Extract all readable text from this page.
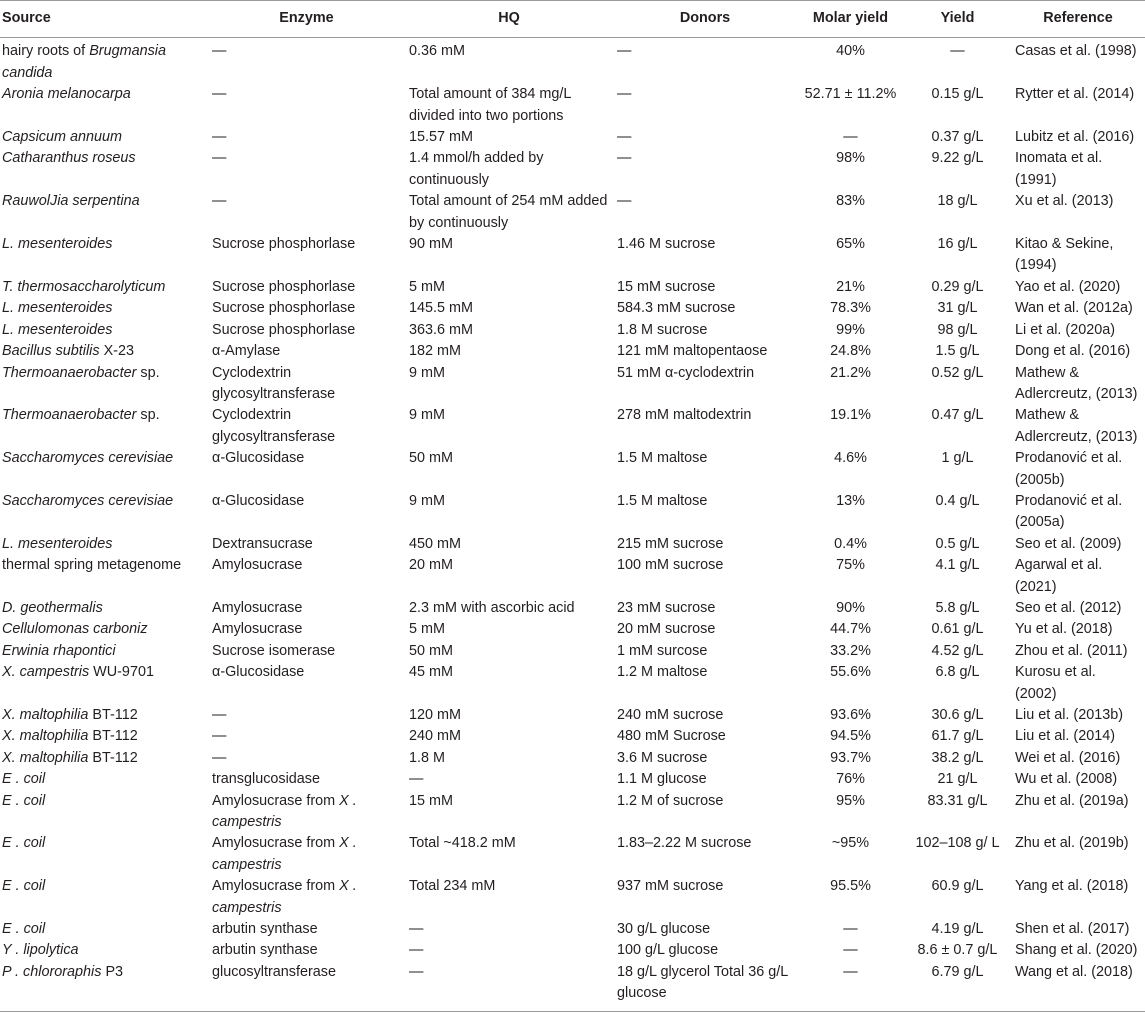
Source	Enzyme	HQ	Donors	Molar yield	Yield	Reference
hairy roots of Brugmansia candida	—	0.36 mM	—	40%	—	Casas et al. (1998)
Aronia melanocarpa	—	Total amount of 384 mg/L divided into two portions	—	52.71 ± 11.2%	0.15 g/L	Rytter et al. (2014)
Capsicum annuum	—	15.57 mM	—	—	0.37 g/L	Lubitz et al. (2016)
Catharanthus roseus	—	1.4 mmol/h added by continuously	—	98%	9.22 g/L	Inomata et al. (1991)
RauwolJia serpentina	—	Total amount of 254 mM added by continuously	—	83%	18 g/L	Xu et al. (2013)
L. mesenteroides	Sucrose phosphorlase	90 mM	1.46 M sucrose	65%	16 g/L	Kitao & Sekine, (1994)
T. thermosaccharolyticum	Sucrose phosphorlase	5 mM	15 mM sucrose	21%	0.29 g/L	Yao et al. (2020)
L. mesenteroides	Sucrose phosphorlase	145.5 mM	584.3 mM sucrose	78.3%	31 g/L	Wan et al. (2012a)
L. mesenteroides	Sucrose phosphorlase	363.6 mM	1.8 M sucrose	99%	98 g/L	Li et al. (2020a)
Bacillus subtilis X-23	α-Amylase	182 mM	121 mM maltopentaose	24.8%	1.5 g/L	Dong et al. (2016)
Thermoanaerobacter sp.	Cyclodextrin glycosyltransferase	9 mM	51 mM α-cyclodextrin	21.2%	0.52 g/L	Mathew & Adlercreutz, (2013)
Thermoanaerobacter sp.	Cyclodextrin glycosyltransferase	9 mM	278 mM maltodextrin	19.1%	0.47 g/L	Mathew & Adlercreutz, (2013)
Saccharomyces cerevisiae	α-Glucosidase	50 mM	1.5 M maltose	4.6%	1 g/L	Prodanović et al. (2005b)
Saccharomyces cerevisiae	α-Glucosidase	9 mM	1.5 M maltose	13%	0.4 g/L	Prodanović et al. (2005a)
L. mesenteroides	Dextransucrase	450 mM	215 mM sucrose	0.4%	0.5 g/L	Seo et al. (2009)
thermal spring metagenome	Amylosucrase	20 mM	100 mM sucrose	75%	4.1 g/L	Agarwal et al. (2021)
D. geothermalis	Amylosucrase	2.3 mM with ascorbic acid	23 mM sucrose	90%	5.8 g/L	Seo et al. (2012)
Cellulomonas carboniz	Amylosucrase	5 mM	20 mM sucrose	44.7%	0.61 g/L	Yu et al. (2018)
Erwinia rhapontici	Sucrose isomerase	50 mM	1 mM surcose	33.2%	4.52 g/L	Zhou et al. (2011)
X. campestris WU-9701	α-Glucosidase	45 mM	1.2 M maltose	55.6%	6.8 g/L	Kurosu et al. (2002)
X. maltophilia BT-112	—	120 mM	240 mM sucrose	93.6%	30.6 g/L	Liu et al. (2013b)
X. maltophilia BT-112	—	240 mM	480 mM Sucrose	94.5%	61.7 g/L	Liu et al. (2014)
X. maltophilia BT-112	—	1.8 M	3.6 M sucrose	93.7%	38.2 g/L	Wei et al. (2016)
E . coil	transglucosidase	—	1.1 M glucose	76%	21 g/L	Wu et al. (2008)
E . coil	Amylosucrase from X . campestris	15 mM	1.2 M of sucrose	95%	83.31 g/L	Zhu et al. (2019a)
E . coil	Amylosucrase from X . campestris	Total ~418.2 mM	1.83–2.22 M sucrose	~95%	102–108 g/ L	Zhu et al. (2019b)
E . coil	Amylosucrase from X . campestris	Total 234 mM	937 mM sucrose	95.5%	60.9 g/L	Yang et al. (2018)
E . coil	arbutin synthase	—	30 g/L glucose	—	4.19 g/L	Shen et al. (2017)
Y . lipolytica	arbutin synthase	—	100 g/L glucose	—	8.6 ± 0.7 g/L	Shang et al. (2020)
P . chlororaphis P3	glucosyltransferase	—	18 g/L glycerol Total 36 g/L glucose	—	6.79 g/L	Wang et al. (2018)
